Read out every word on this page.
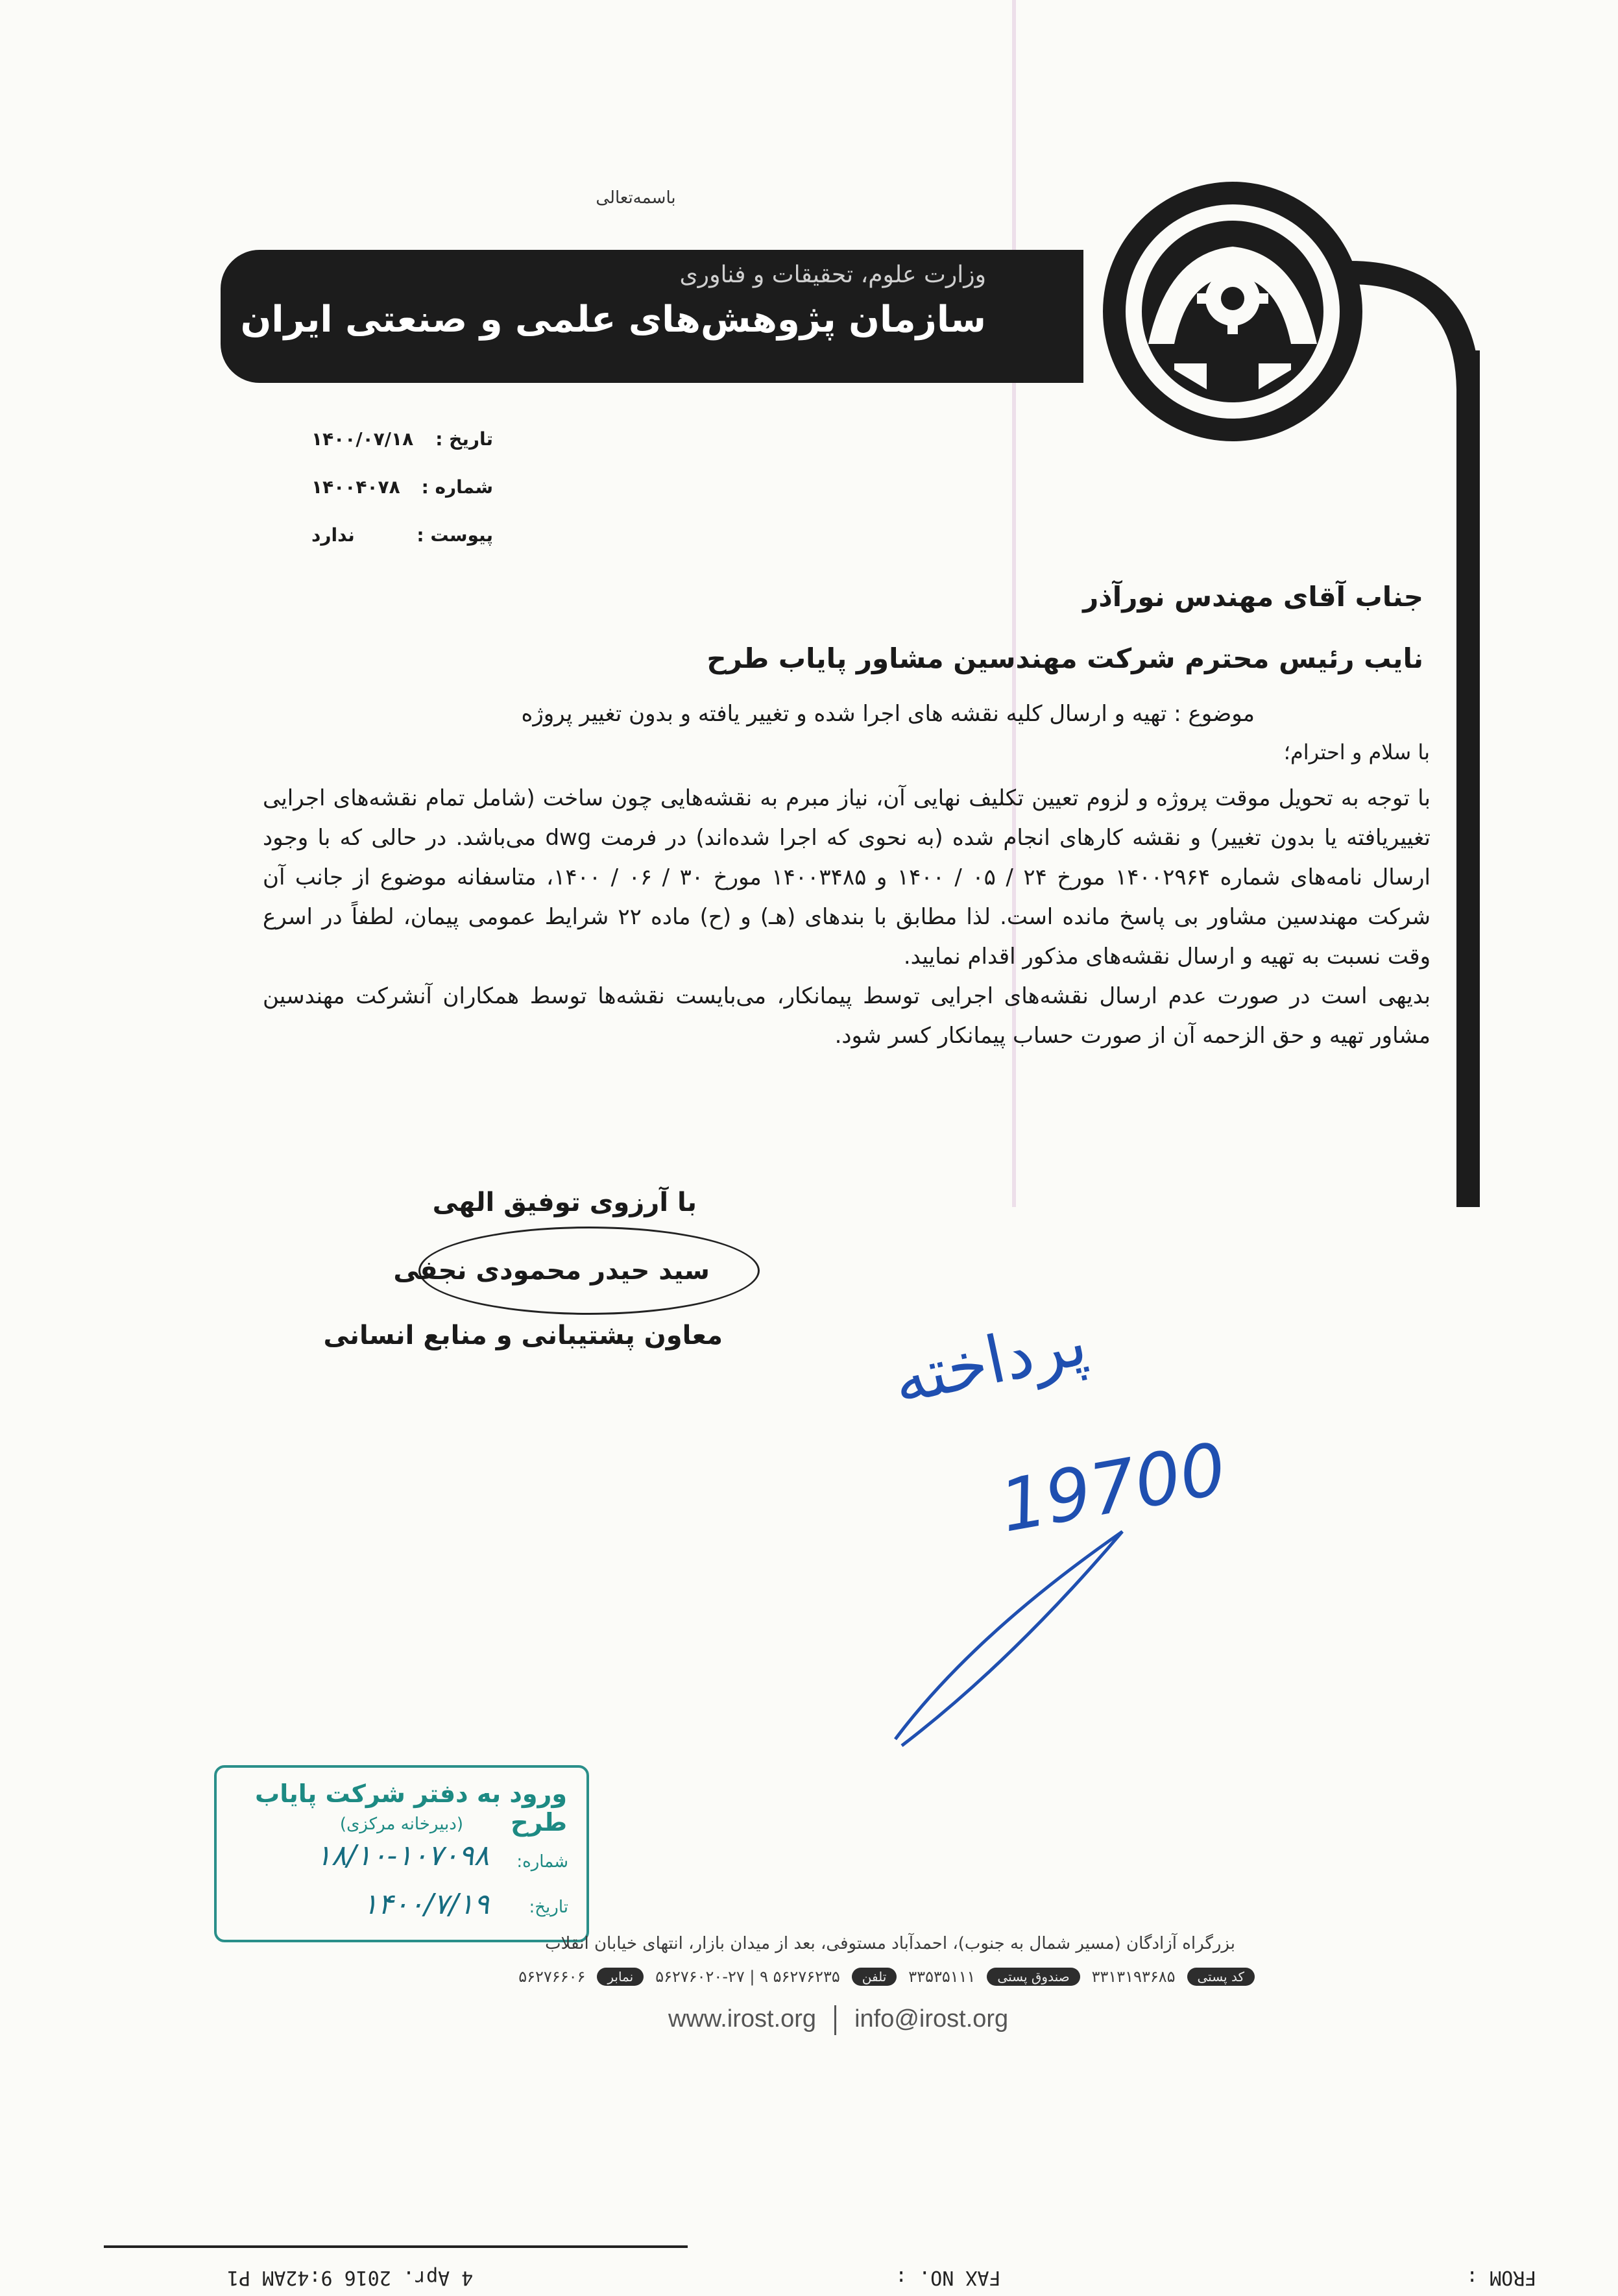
باسمه‌تعالی
وزارت علوم، تحقیقات و فناوری
سازمان پژوهش‌های علمی و صنعتی ایران
تاریخ :
۱۴۰۰/۰۷/۱۸
شماره :
۱۴۰۰۴۰۷۸
پیوست :
ندارد
جناب آقای مهندس نورآذر
نایب رئیس محترم شرکت مهندسین مشاور پایاب طرح
موضوع : تهیه و ارسال کلیه نقشه های اجرا شده و تغییر یافته و بدون تغییر پروژه
با سلام و احترام؛

با توجه به تحویل موقت پروژه و لزوم تعیین تکلیف نهایی آن، نیاز مبرم به نقشه‌هایی چون ساخت (شامل تمام نقشه‌های اجرایی تغییریافته یا بدون تغییر) و نقشه کارهای انجام شده (به نحوی که اجرا شده‌اند) در فرمت dwg می‌باشد. در حالی که با وجود ارسال نامه‌های شماره ۱۴۰۰۲۹۶۴ مورخ ۲۴ / ۰۵ / ۱۴۰۰ و ۱۴۰۰۳۴۸۵ مورخ ۳۰ / ۰۶ / ۱۴۰۰، متاسفانه موضوع از جانب آن شرکت مهندسین مشاور بی پاسخ مانده است. لذا مطابق با بندهای (هـ) و (ح) ماده ۲۲ شرایط عمومی پیمان، لطفاً در اسرع وقت نسبت به تهیه و ارسال نقشه‌های مذکور اقدام نمایید.

بدیهی است در صورت عدم ارسال نقشه‌های اجرایی توسط پیمانکار، می‌بایست نقشه‌ها توسط همکاران آنشرکت مهندسین مشاور تهیه و حق الزحمه آن از صورت حساب پیمانکار کسر شود.

با آرزوی توفیق الهی
سید حیدر محمودی نجفی
معاون پشتیبانی و منابع انسانی	پرداخته
19700
ورود به دفتر شرکت پایاب طرح
(دبیرخانه مرکزی)
شماره:
۱۸/۱۰-۱۰۷۰۹۸
تاریخ:
۱۴۰۰/۷/۱۹
بزرگراه آزادگان (مسیر شمال به جنوب)، احمدآباد مستوفی، بعد از میدان بازار، انتهای خیابان انقلاب
کد پستی
۳۳۱۳۱۹۳۶۸۵
صندوق پستی
۳۳۵۳۵۱۱۱
تلفن
۵۶۲۷۶۲۳۵ ۹ | ۵۶۲۷۶۰۲۰-۲۷
نمابر
۵۶۲۷۶۶۰۶
www.irost.org info@irost.org
4 Apr. 2016 9:42AM P1	FAX NO. :	FROM :
